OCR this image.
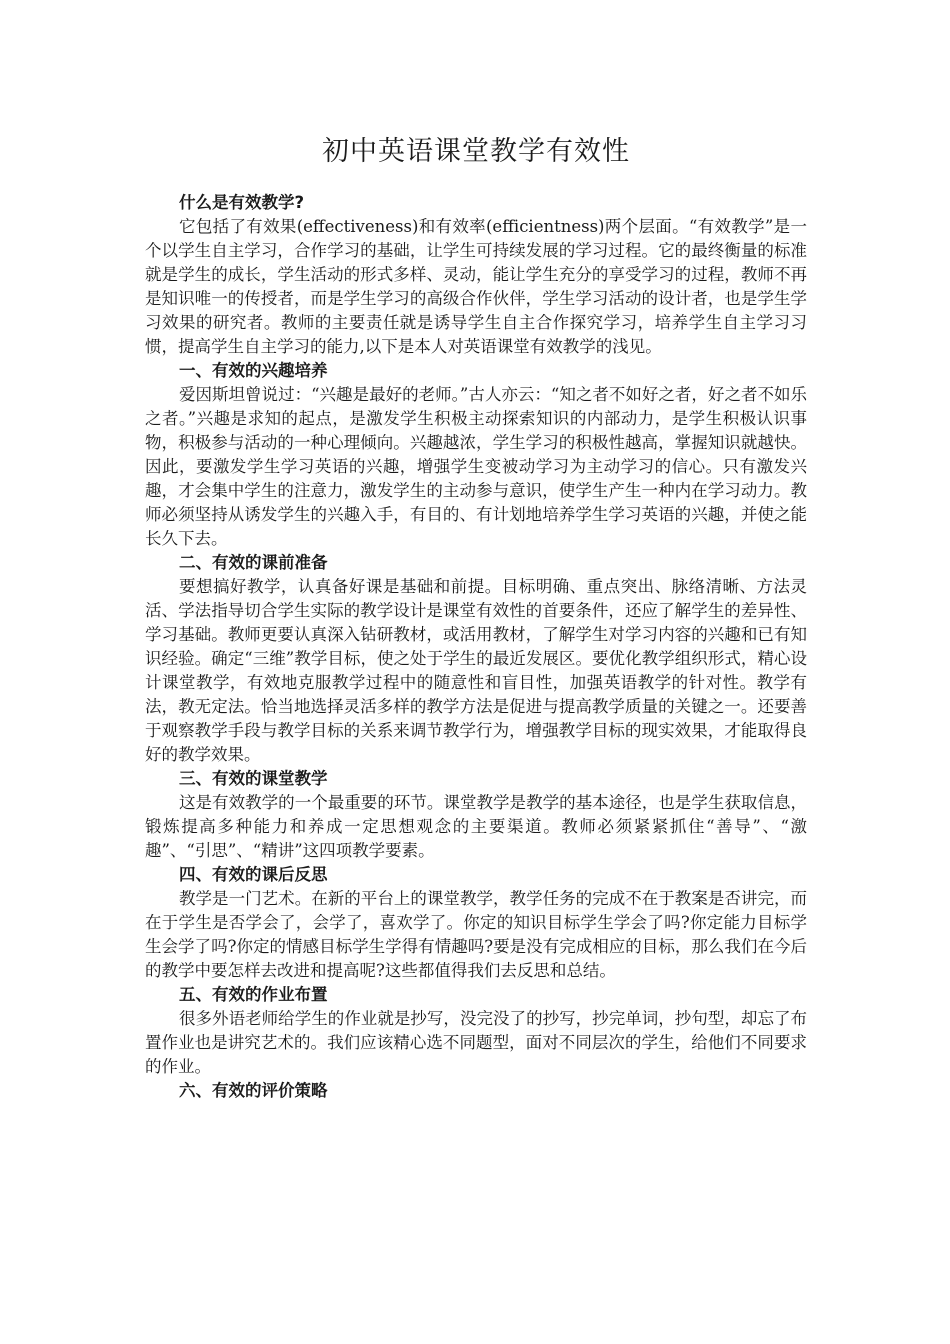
初中英语课堂教学有效性

什么是有效教学?

它包括了有效果(effectiveness)和有效率(efficientness)两个层面。“有效教学”是一个以学生自主学习，合作学习的基础，让学生可持续发展的学习过程。它的最终衡量的标准就是学生的成长，学生活动的形式多样、灵动，能让学生充分的享受学习的过程，教师不再是知识唯一的传授者，而是学生学习的高级合作伙伴，学生学习活动的设计者，也是学生学习效果的研究者。教师的主要责任就是诱导学生自主合作探究学习，培养学生自主学习习惯，提高学生自主学习的能力,以下是本人对英语课堂有效教学的浅见。

一、有效的兴趣培养

爱因斯坦曾说过：“兴趣是最好的老师。”古人亦云：“知之者不如好之者，好之者不如乐之者。”兴趣是求知的起点，是激发学生积极主动探索知识的内部动力，是学生积极认识事物，积极参与活动的一种心理倾向。兴趣越浓，学生学习的积极性越高，掌握知识就越快。因此，要激发学生学习英语的兴趣，增强学生变被动学习为主动学习的信心。只有激发兴趣，才会集中学生的注意力，激发学生的主动参与意识，使学生产生一种内在学习动力。教师必须坚持从诱发学生的兴趣入手，有目的、有计划地培养学生学习英语的兴趣，并使之能长久下去。

二、有效的课前准备

要想搞好教学，认真备好课是基础和前提。目标明确、重点突出、脉络清晰、方法灵活、学法指导切合学生实际的教学设计是课堂有效性的首要条件，还应了解学生的差异性、学习基础。教师更要认真深入钻研教材，或活用教材，了解学生对学习内容的兴趣和已有知识经验。确定“三维”教学目标，使之处于学生的最近发展区。要优化教学组织形式，精心设计课堂教学，有效地克服教学过程中的随意性和盲目性，加强英语教学的针对性。教学有法，教无定法。恰当地选择灵活多样的教学方法是促进与提高教学质量的关键之一。还要善于观察教学手段与教学目标的关系来调节教学行为，增强教学目标的现实效果，才能取得良好的教学效果。

三、有效的课堂教学

这是有效教学的一个最重要的环节。课堂教学是教学的基本途径，也是学生获取信息，锻炼提高多种能力和养成一定思想观念的主要渠道。教师必须紧紧抓住“善导”、“激趣”、“引思”、“精讲”这四项教学要素。

四、有效的课后反思

教学是一门艺术。在新的平台上的课堂教学，教学任务的完成不在于教案是否讲完，而在于学生是否学会了，会学了，喜欢学了。你定的知识目标学生学会了吗?你定能力目标学生会学了吗?你定的情感目标学生学得有情趣吗?要是没有完成相应的目标，那么我们在今后的教学中要怎样去改进和提高呢?这些都值得我们去反思和总结。

五、有效的作业布置

很多外语老师给学生的作业就是抄写，没完没了的抄写，抄完单词，抄句型，却忘了布置作业也是讲究艺术的。我们应该精心选不同题型，面对不同层次的学生，给他们不同要求的作业。

六、有效的评价策略
